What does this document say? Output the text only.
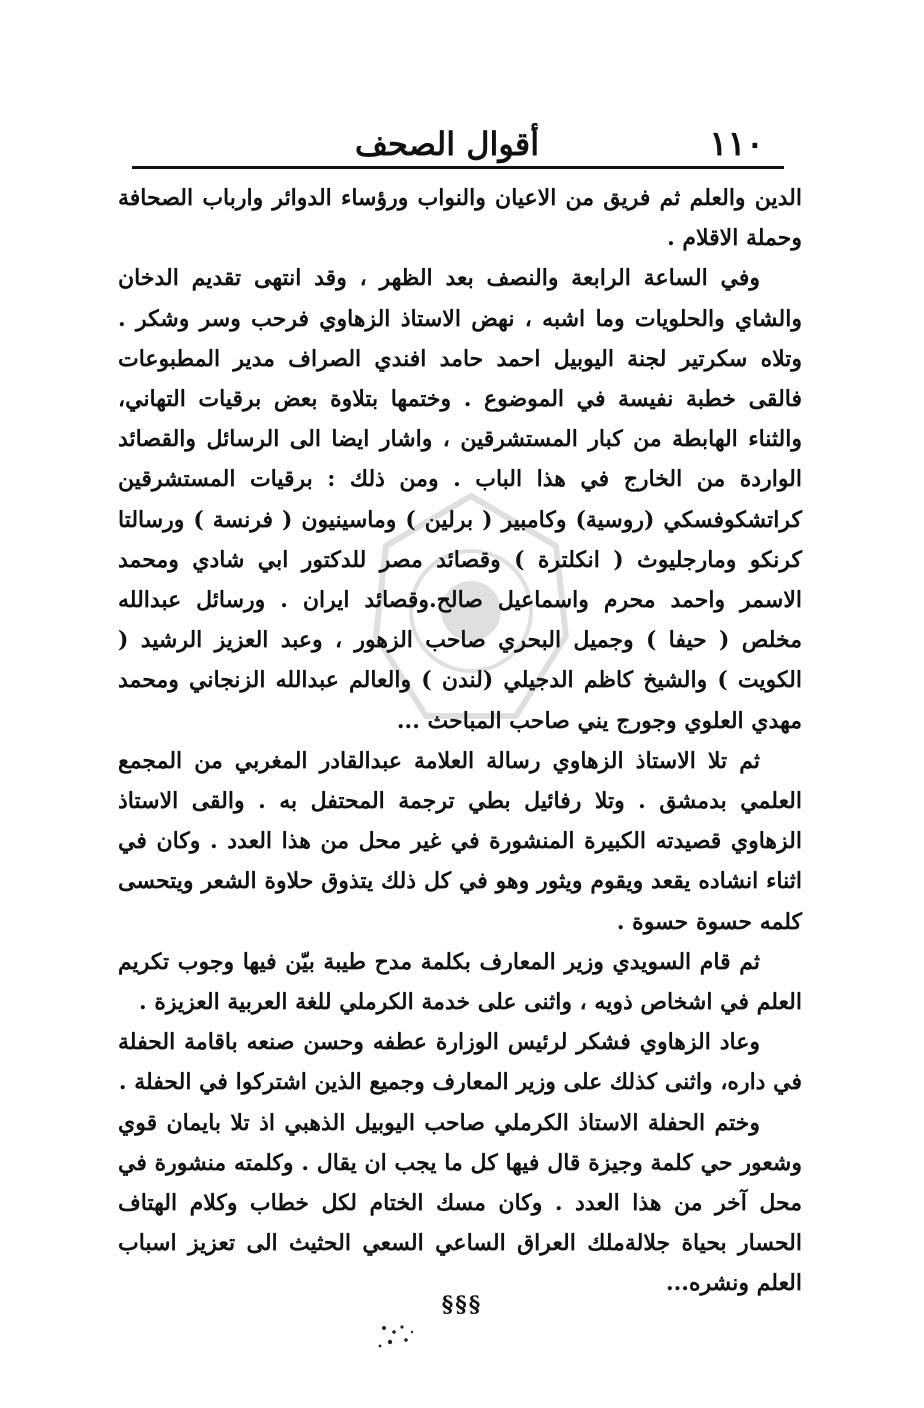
١١٠
أقوال الصحف

الدين والعلم ثم فريق من الاعيان والنواب ورؤساء الدوائر وارباب الصحافة وحملة الاقلام .

وفي الساعة الرابعة والنصف بعد الظهر ، وقد انتهى تقديم الدخان والشاي والحلويات وما اشبه ، نهض الاستاذ الزهاوي فرحب وسر وشكر . وتلاه سكرتير لجنة اليوبيل احمد حامد افندي الصراف مدير المطبوعات فالقى خطبة نفيسة في الموضوع . وختمها بتلاوة بعض برقيات التهاني، والثناء الهابطة من كبار المستشرقين ، واشار ايضا الى الرسائل والقصائد الواردة من الخارج في هذا الباب . ومن ذلك : برقيات المستشرقين كراتشكوفسكي (روسية) وكامبير ( برلين ) وماسينيون ( فرنسة ) ورسالتا كرنكو ومارجليوث ( انكلترة ) وقصائد مصر للدكتور ابي شادي ومحمد الاسمر واحمد محرم واسماعيل صالح.وقصائد ايران . ورسائل عبدالله مخلص ( حيفا ) وجميل البحري صاحب الزهور ، وعبد العزيز الرشيد ( الكويت ) والشيخ كاظم الدجيلي (لندن ) والعالم عبدالله الزنجاني ومحمد مهدي العلوي وجورج يني صاحب المباحث ...

ثم تلا الاستاذ الزهاوي رسالة العلامة عبدالقادر المغربي من المجمع العلمي بدمشق . وتلا رفائيل بطي ترجمة المحتفل به . والقى الاستاذ الزهاوي قصيدته الكبيرة المنشورة في غير محل من هذا العدد . وكان في اثناء انشاده يقعد ويقوم ويثور وهو في كل ذلك يتذوق حلاوة الشعر ويتحسى كلمه حسوة حسوة .

ثم قام السويدي وزير المعارف بكلمة مدح طيبة بيّن فيها وجوب تكريم العلم في اشخاص ذويه ، واثنى على خدمة الكرملي للغة العربية العزيزة .

وعاد الزهاوي فشكر لرئيس الوزارة عطفه وحسن صنعه باقامة الحفلة في داره، واثنى كذلك على وزير المعارف وجميع الذين اشتركوا في الحفلة .

وختم الحفلة الاستاذ الكرملي صاحب اليوبيل الذهبي اذ تلا بايمان قوي وشعور حي كلمة وجيزة قال فيها كل ما يجب ان يقال . وكلمته منشورة في محل آخر من هذا العدد . وكان مسك الختام لكل خطاب وكلام الهتاف الحسار بحياة جلالةملك العراق الساعي السعي الحثيث الى تعزيز اسباب العلم ونشره...

§§§
